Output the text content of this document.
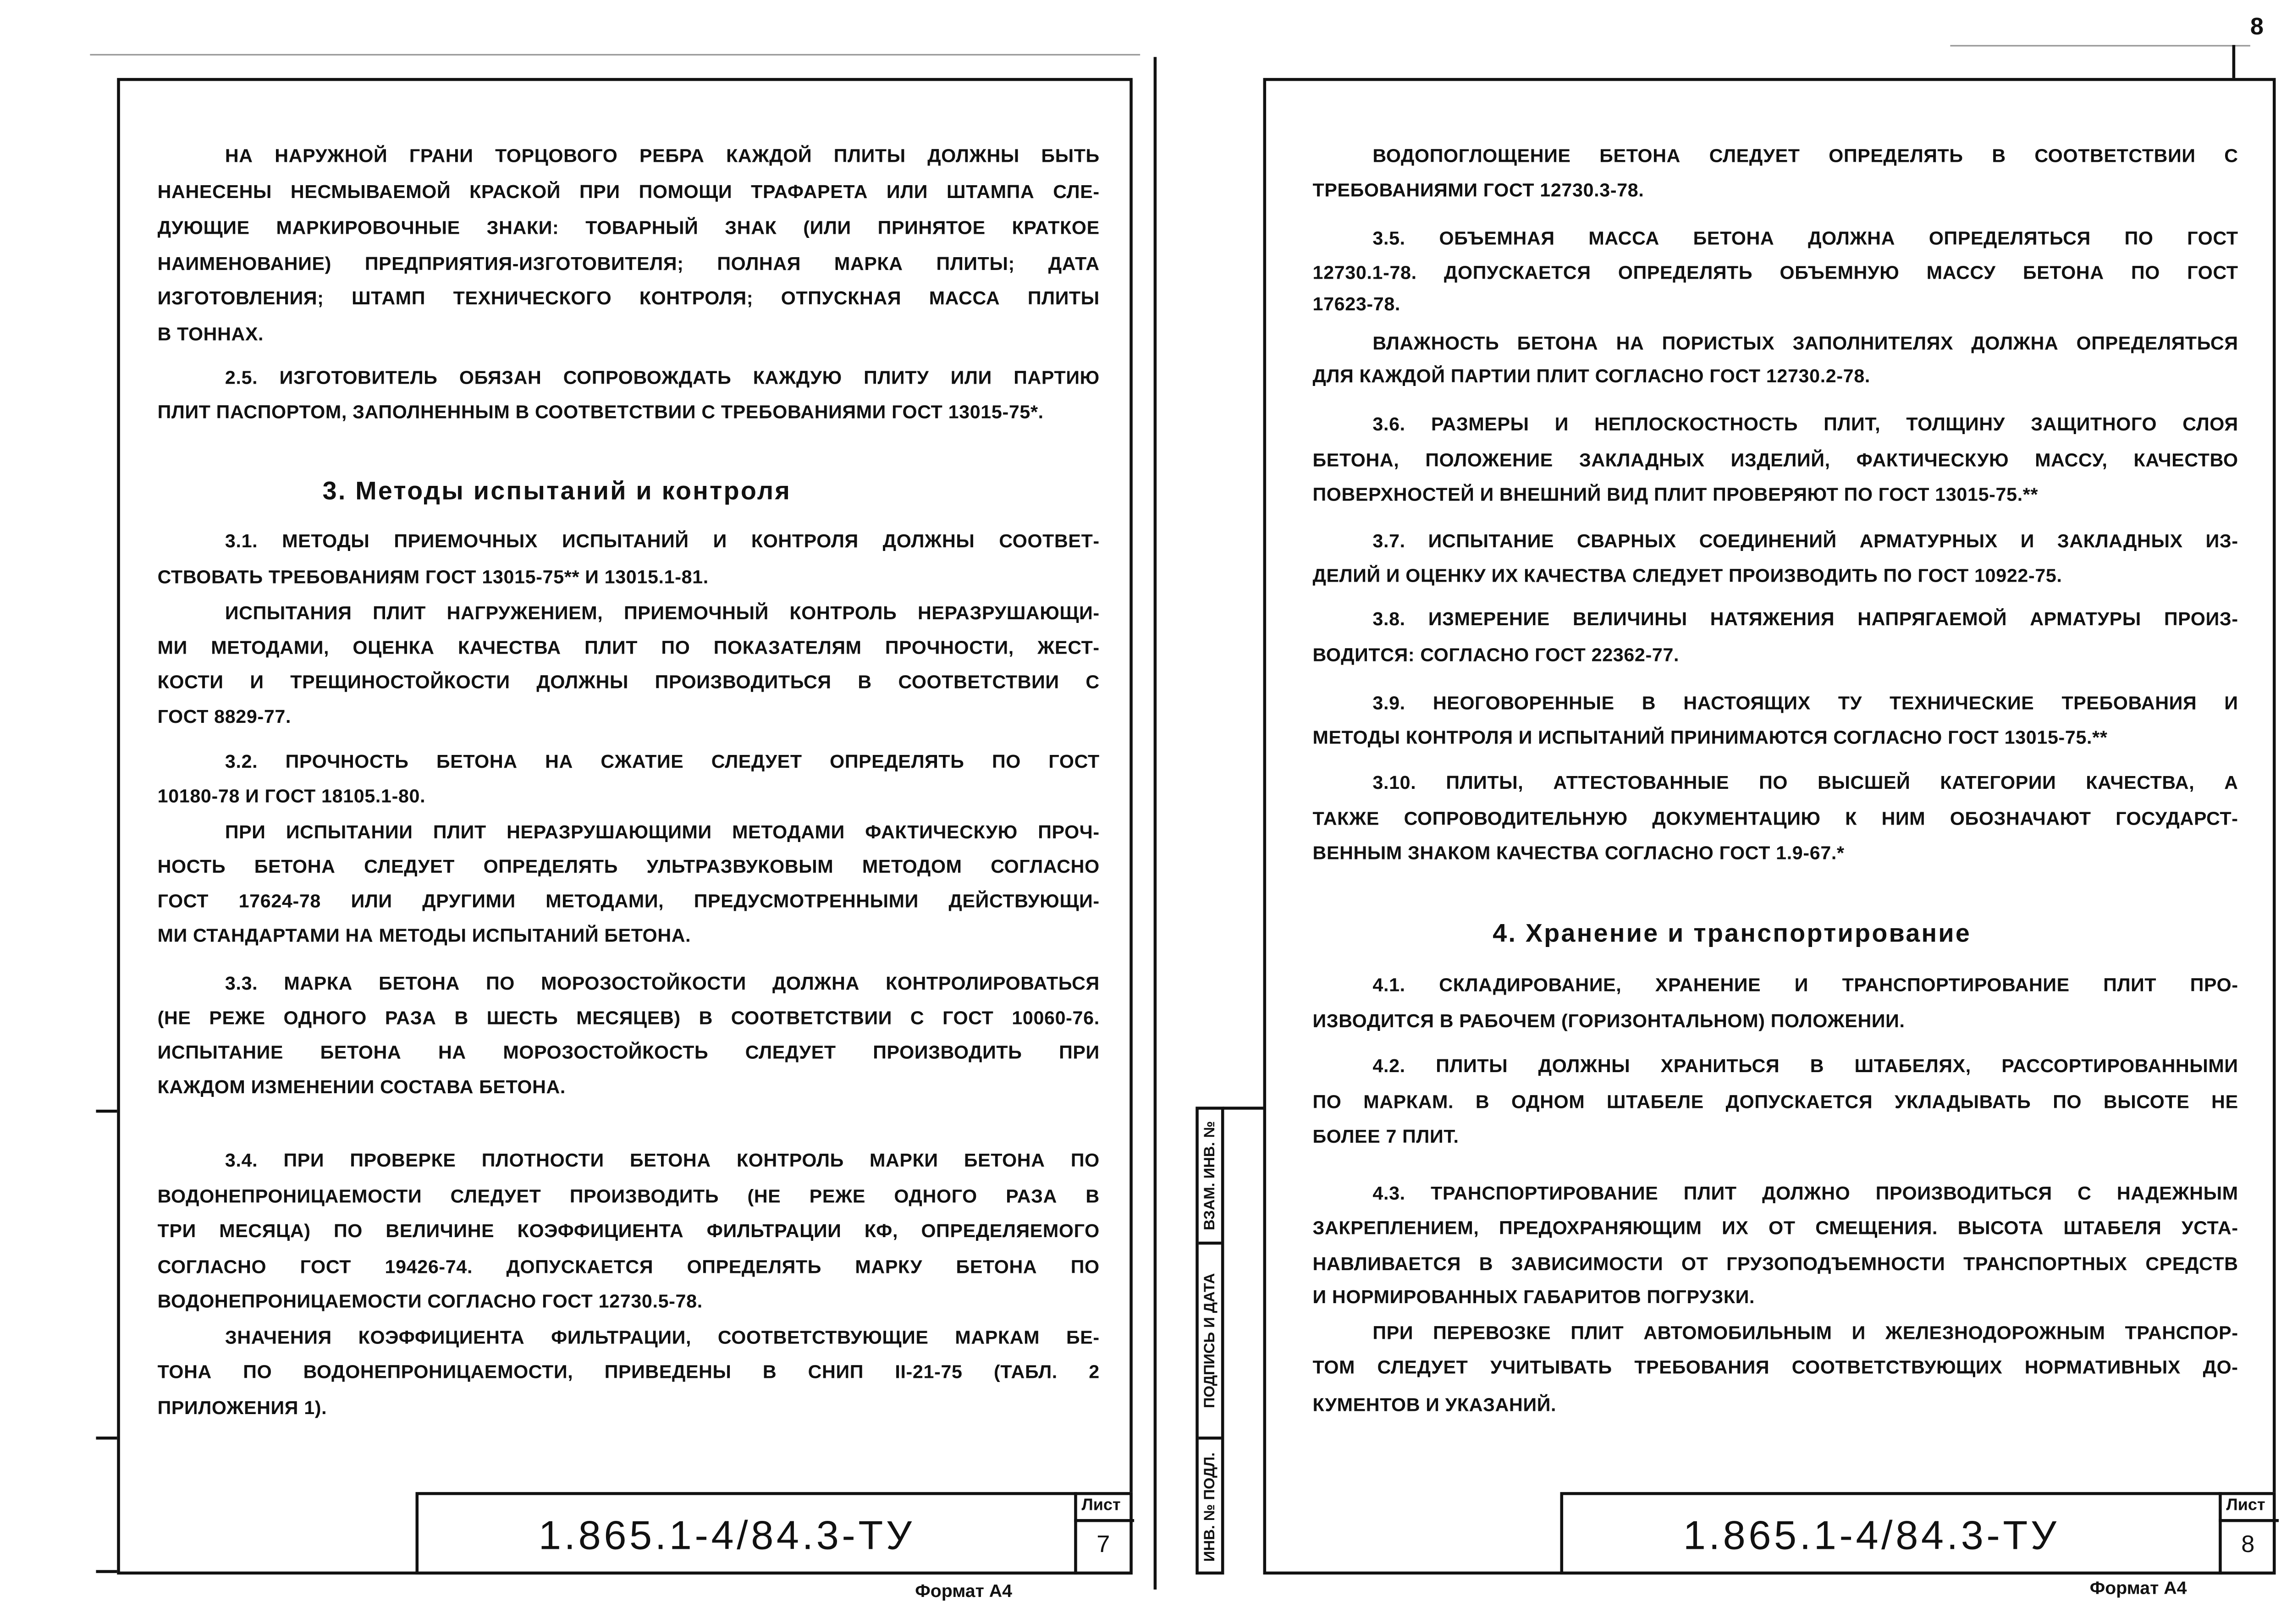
8
НА НАРУЖНОЙ ГРАНИ ТОРЦОВОГО РЕБРА КАЖДОЙ ПЛИТЫ ДОЛЖНЫ БЫТЬ
НАНЕСЕНЫ НЕСМЫВАЕМОЙ КРАСКОЙ ПРИ ПОМОЩИ ТРАФАРЕТА ИЛИ ШТАМПА СЛЕ-
ДУЮЩИЕ МАРКИРОВОЧНЫЕ ЗНАКИ: ТОВАРНЫЙ ЗНАК (ИЛИ ПРИНЯТОЕ КРАТКОЕ
НАИМЕНОВАНИЕ) ПРЕДПРИЯТИЯ-ИЗГОТОВИТЕЛЯ; ПОЛНАЯ МАРКА ПЛИТЫ; ДАТА
ИЗГОТОВЛЕНИЯ; ШТАМП ТЕХНИЧЕСКОГО КОНТРОЛЯ; ОТПУСКНАЯ МАССА ПЛИТЫ
В ТОННАХ.
2.5. ИЗГОТОВИТЕЛЬ ОБЯЗАН СОПРОВОЖДАТЬ КАЖДУЮ ПЛИТУ ИЛИ ПАРТИЮ
ПЛИТ ПАСПОРТОМ, ЗАПОЛНЕННЫМ В СООТВЕТСТВИИ С ТРЕБОВАНИЯМИ ГОСТ 13015-75*.
3.1. МЕТОДЫ ПРИЕМОЧНЫХ ИСПЫТАНИЙ И КОНТРОЛЯ ДОЛЖНЫ СООТВЕТ-
СТВОВАТЬ ТРЕБОВАНИЯМ ГОСТ 13015-75** И 13015.1-81.
ИСПЫТАНИЯ ПЛИТ НАГРУЖЕНИЕМ, ПРИЕМОЧНЫЙ КОНТРОЛЬ НЕРАЗРУШАЮЩИ-
МИ МЕТОДАМИ, ОЦЕНКА КАЧЕСТВА ПЛИТ ПО ПОКАЗАТЕЛЯМ ПРОЧНОСТИ, ЖЕСТ-
КОСТИ И ТРЕЩИНОСТОЙКОСТИ ДОЛЖНЫ ПРОИЗВОДИТЬСЯ В СООТВЕТСТВИИ С
ГОСТ 8829-77.
3.2. ПРОЧНОСТЬ БЕТОНА НА СЖАТИЕ СЛЕДУЕТ ОПРЕДЕЛЯТЬ ПО ГОСТ
10180-78 И ГОСТ 18105.1-80.
ПРИ ИСПЫТАНИИ ПЛИТ НЕРАЗРУШАЮЩИМИ МЕТОДАМИ ФАКТИЧЕСКУЮ ПРОЧ-
НОСТЬ БЕТОНА СЛЕДУЕТ ОПРЕДЕЛЯТЬ УЛЬТРАЗВУКОВЫМ МЕТОДОМ СОГЛАСНО
ГОСТ 17624-78 ИЛИ ДРУГИМИ МЕТОДАМИ, ПРЕДУСМОТРЕННЫМИ ДЕЙСТВУЮЩИ-
МИ СТАНДАРТАМИ НА МЕТОДЫ ИСПЫТАНИЙ БЕТОНА.
3.3. МАРКА БЕТОНА ПО МОРОЗОСТОЙКОСТИ ДОЛЖНА КОНТРОЛИРОВАТЬСЯ
(НЕ РЕЖЕ ОДНОГО РАЗА В ШЕСТЬ МЕСЯЦЕВ) В СООТВЕТСТВИИ С ГОСТ 10060-76.
ИСПЫТАНИЕ БЕТОНА НА МОРОЗОСТОЙКОСТЬ СЛЕДУЕТ ПРОИЗВОДИТЬ ПРИ
КАЖДОМ ИЗМЕНЕНИИ СОСТАВА БЕТОНА.
3.4. ПРИ ПРОВЕРКЕ ПЛОТНОСТИ БЕТОНА КОНТРОЛЬ МАРКИ БЕТОНА ПО
ВОДОНЕПРОНИЦАЕМОСТИ СЛЕДУЕТ ПРОИЗВОДИТЬ (НЕ РЕЖЕ ОДНОГО РАЗА В
ТРИ МЕСЯЦА) ПО ВЕЛИЧИНЕ КОЭФФИЦИЕНТА ФИЛЬТРАЦИИ КФ, ОПРЕДЕЛЯЕМОГО
СОГЛАСНО ГОСТ 19426-74. ДОПУСКАЕТСЯ ОПРЕДЕЛЯТЬ МАРКУ БЕТОНА ПО
ВОДОНЕПРОНИЦАЕМОСТИ СОГЛАСНО ГОСТ 12730.5-78.
ЗНАЧЕНИЯ КОЭФФИЦИЕНТА ФИЛЬТРАЦИИ, СООТВЕТСТВУЮЩИЕ МАРКАМ БЕ-
ТОНА ПО ВОДОНЕПРОНИЦАЕМОСТИ, ПРИВЕДЕНЫ В СНИП II-21-75 (ТАБЛ. 2
ПРИЛОЖЕНИЯ 1).
3. Методы испытаний и контроля
1.865.1-4/84.3-ТУ
Лист
7
Формат А4
ВЗАМ. ИНВ. №
ПОДПИСЬ И ДАТА
ИНВ. № ПОДЛ.
ВОДОПОГЛОЩЕНИЕ БЕТОНА СЛЕДУЕТ ОПРЕДЕЛЯТЬ В СООТВЕТСТВИИ С
ТРЕБОВАНИЯМИ ГОСТ 12730.3-78.
3.5. ОБЪЕМНАЯ МАССА БЕТОНА ДОЛЖНА ОПРЕДЕЛЯТЬСЯ ПО ГОСТ
12730.1-78. ДОПУСКАЕТСЯ ОПРЕДЕЛЯТЬ ОБЪЕМНУЮ МАССУ БЕТОНА ПО ГОСТ
17623-78.
ВЛАЖНОСТЬ БЕТОНА НА ПОРИСТЫХ ЗАПОЛНИТЕЛЯХ ДОЛЖНА ОПРЕДЕЛЯТЬСЯ
ДЛЯ КАЖДОЙ ПАРТИИ ПЛИТ СОГЛАСНО ГОСТ 12730.2-78.
3.6. РАЗМЕРЫ И НЕПЛОСКОСТНОСТЬ ПЛИТ, ТОЛЩИНУ ЗАЩИТНОГО СЛОЯ
БЕТОНА, ПОЛОЖЕНИЕ ЗАКЛАДНЫХ ИЗДЕЛИЙ, ФАКТИЧЕСКУЮ МАССУ, КАЧЕСТВО
ПОВЕРХНОСТЕЙ И ВНЕШНИЙ ВИД ПЛИТ ПРОВЕРЯЮТ ПО ГОСТ 13015-75.**
3.7. ИСПЫТАНИЕ СВАРНЫХ СОЕДИНЕНИЙ АРМАТУРНЫХ И ЗАКЛАДНЫХ ИЗ-
ДЕЛИЙ И ОЦЕНКУ ИХ КАЧЕСТВА СЛЕДУЕТ ПРОИЗВОДИТЬ ПО ГОСТ 10922-75.
3.8. ИЗМЕРЕНИЕ ВЕЛИЧИНЫ НАТЯЖЕНИЯ НАПРЯГАЕМОЙ АРМАТУРЫ ПРОИЗ-
ВОДИТСЯ: СОГЛАСНО ГОСТ 22362-77.
3.9. НЕОГОВОРЕННЫЕ В НАСТОЯЩИХ ТУ ТЕХНИЧЕСКИЕ ТРЕБОВАНИЯ И
МЕТОДЫ КОНТРОЛЯ И ИСПЫТАНИЙ ПРИНИМАЮТСЯ СОГЛАСНО ГОСТ 13015-75.**
3.10. ПЛИТЫ, АТТЕСТОВАННЫЕ ПО ВЫСШЕЙ КАТЕГОРИИ КАЧЕСТВА, А
ТАКЖЕ СОПРОВОДИТЕЛЬНУЮ ДОКУМЕНТАЦИЮ К НИМ ОБОЗНАЧАЮТ ГОСУДАРСТ-
ВЕННЫМ ЗНАКОМ КАЧЕСТВА СОГЛАСНО ГОСТ 1.9-67.*
4.1. СКЛАДИРОВАНИЕ, ХРАНЕНИЕ И ТРАНСПОРТИРОВАНИЕ ПЛИТ ПРО-
ИЗВОДИТСЯ В РАБОЧЕМ (ГОРИЗОНТАЛЬНОМ) ПОЛОЖЕНИИ.
4.2. ПЛИТЫ ДОЛЖНЫ ХРАНИТЬСЯ В ШТАБЕЛЯХ, РАССОРТИРОВАННЫМИ
ПО МАРКАМ. В ОДНОМ ШТАБЕЛЕ ДОПУСКАЕТСЯ УКЛАДЫВАТЬ ПО ВЫСОТЕ НЕ
БОЛЕЕ 7 ПЛИТ.
4.3. ТРАНСПОРТИРОВАНИЕ ПЛИТ ДОЛЖНО ПРОИЗВОДИТЬСЯ С НАДЕЖНЫМ
ЗАКРЕПЛЕНИЕМ, ПРЕДОХРАНЯЮЩИМ ИХ ОТ СМЕЩЕНИЯ. ВЫСОТА ШТАБЕЛЯ УСТА-
НАВЛИВАЕТСЯ В ЗАВИСИМОСТИ ОТ ГРУЗОПОДЪЕМНОСТИ ТРАНСПОРТНЫХ СРЕДСТВ
И НОРМИРОВАННЫХ ГАБАРИТОВ ПОГРУЗКИ.
ПРИ ПЕРЕВОЗКЕ ПЛИТ АВТОМОБИЛЬНЫМ И ЖЕЛЕЗНОДОРОЖНЫМ ТРАНСПОР-
ТОМ СЛЕДУЕТ УЧИТЫВАТЬ ТРЕБОВАНИЯ СООТВЕТСТВУЮЩИХ НОРМАТИВНЫХ ДО-
КУМЕНТОВ И УКАЗАНИЙ.
4. Хранение и транспортирование
1.865.1-4/84.3-ТУ
Лист
8
Формат А4
